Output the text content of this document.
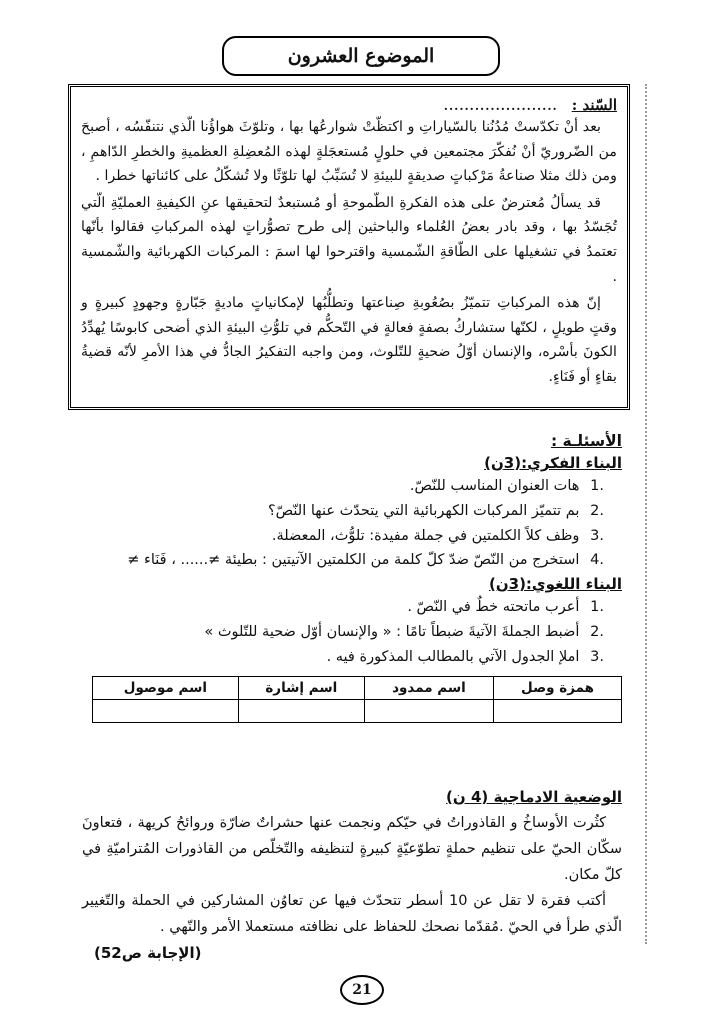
الموضوع العشرون
السّند :
......................

بعد أنْ تكدّستْ مُدُنُنا بالسّياراتِ و اكتظّتْ شوارعُها بها ، وتلوّثَ هواؤُنا الّذي نتنفّسُه ، أصبحَ من الضّروريّ أنْ نُفكّرَ مجتمعين في حلولٍ مُستعجَلةٍ لهذه المُعضِلةِ العظميةِ والخطرِ الدّاهمِ ، ومن ذلك مثلا صناعةُ مَرْكباتٍ صديقةٍ للبيئةِ لا تُسَبِّبُ لها تلوّثًا ولا تُشكّلُ على كائناتها خطرا .

قد يسألُ مُعترضٌ على هذه الفكرةِ الطّموحةِ أو مُستبعدٌ لتحقيقها عنِ الكيفيةِ العمليّةِ الّتي تُجَسّدُ بها ، وقد بادر بعضُ العُلماء والباحثين إلى طرح تصوُّراتٍ لهذه المركباتِ فقالوا بأنّها تعتمدُ في تشغيلها على الطّاقةِ الشّمسية واقترحوا لها اسمَ : المركبات الكهربائية والشّمسية .

إنّ هذه المركباتِ تتميّزُ بصُعُوبةِ صِناعتها وتطلُّبُها لإمكانياتٍ ماديةٍ جَبّارةٍ وجهودٍ كبيرةٍ و وقتٍ طويلٍ ، لكنّها ستشاركُ بصفةٍ فعالةٍ في التّحكُّم في تلوُّثِ البيئةِ الذي أضحى كابوسًا يُهدِّدُ الكونَ بأسْره، والإنسان أوّلُ ضحيةٍ للتّلوث، ومن واجبه التفكيرُ الجادُّ في هذا الأمرِ لأنّه قضيةُ بقاءٍ أو فَنَاءٍ.

الأسئلـة :
البناء الفكري:(3ن)
.1 هات العنوان المناسب للنّصّ.
.2 بم تتميّز المركبات الكهربائية التي يتحدّث عنها النّصّ؟
.3 وظف كلاً الكلمتين في جملة مفيدة: تلوُّث، المعضلة.
.4 استخرج من النّصّ ضدّ كلّ كلمة من الكلمتين الآتيتين : بطيئة ≠...... ، فَنَاء ≠
البناء اللغوي:(3ن)
.1 أعرب ماتحته خطٌ في النّصّ .
.2 أضبط الجملةَ الآتيةَ ضبطاً تامًا : « والإنسان أوّل ضحية للتّلوث »
.3 املإ الجدول الآتي بالمطالب المذكورة فيه .
همزة وصل	اسم ممدود	اسم إشارة	اسم موصول

الوضعية الادماجية (4 ن)

كثُرت الأوساخُ و القاذوراتُ في حيّكم ونجمت عنها حشراتٌ ضارّة وروائحُ كريهة ، فتعاونَ سكّان الحيّ على تنظيم حملةٍ تطوّعيّةٍ كبيرةٍ لتنظيفه والتّخلّص من القاذورات المُتراميّةِ في كلّ مكان.

أكتب فقرة لا تقل عن 10 أسطر تتحدّث فيها عن تعاوُن المشاركين في الحملة والتّغيير الّذي طرأ في الحيّ .مُقدّما نصحك للحفاظ على نظافته مستعملا الأمر والنّهي .

(الإجابة ص52)
21
